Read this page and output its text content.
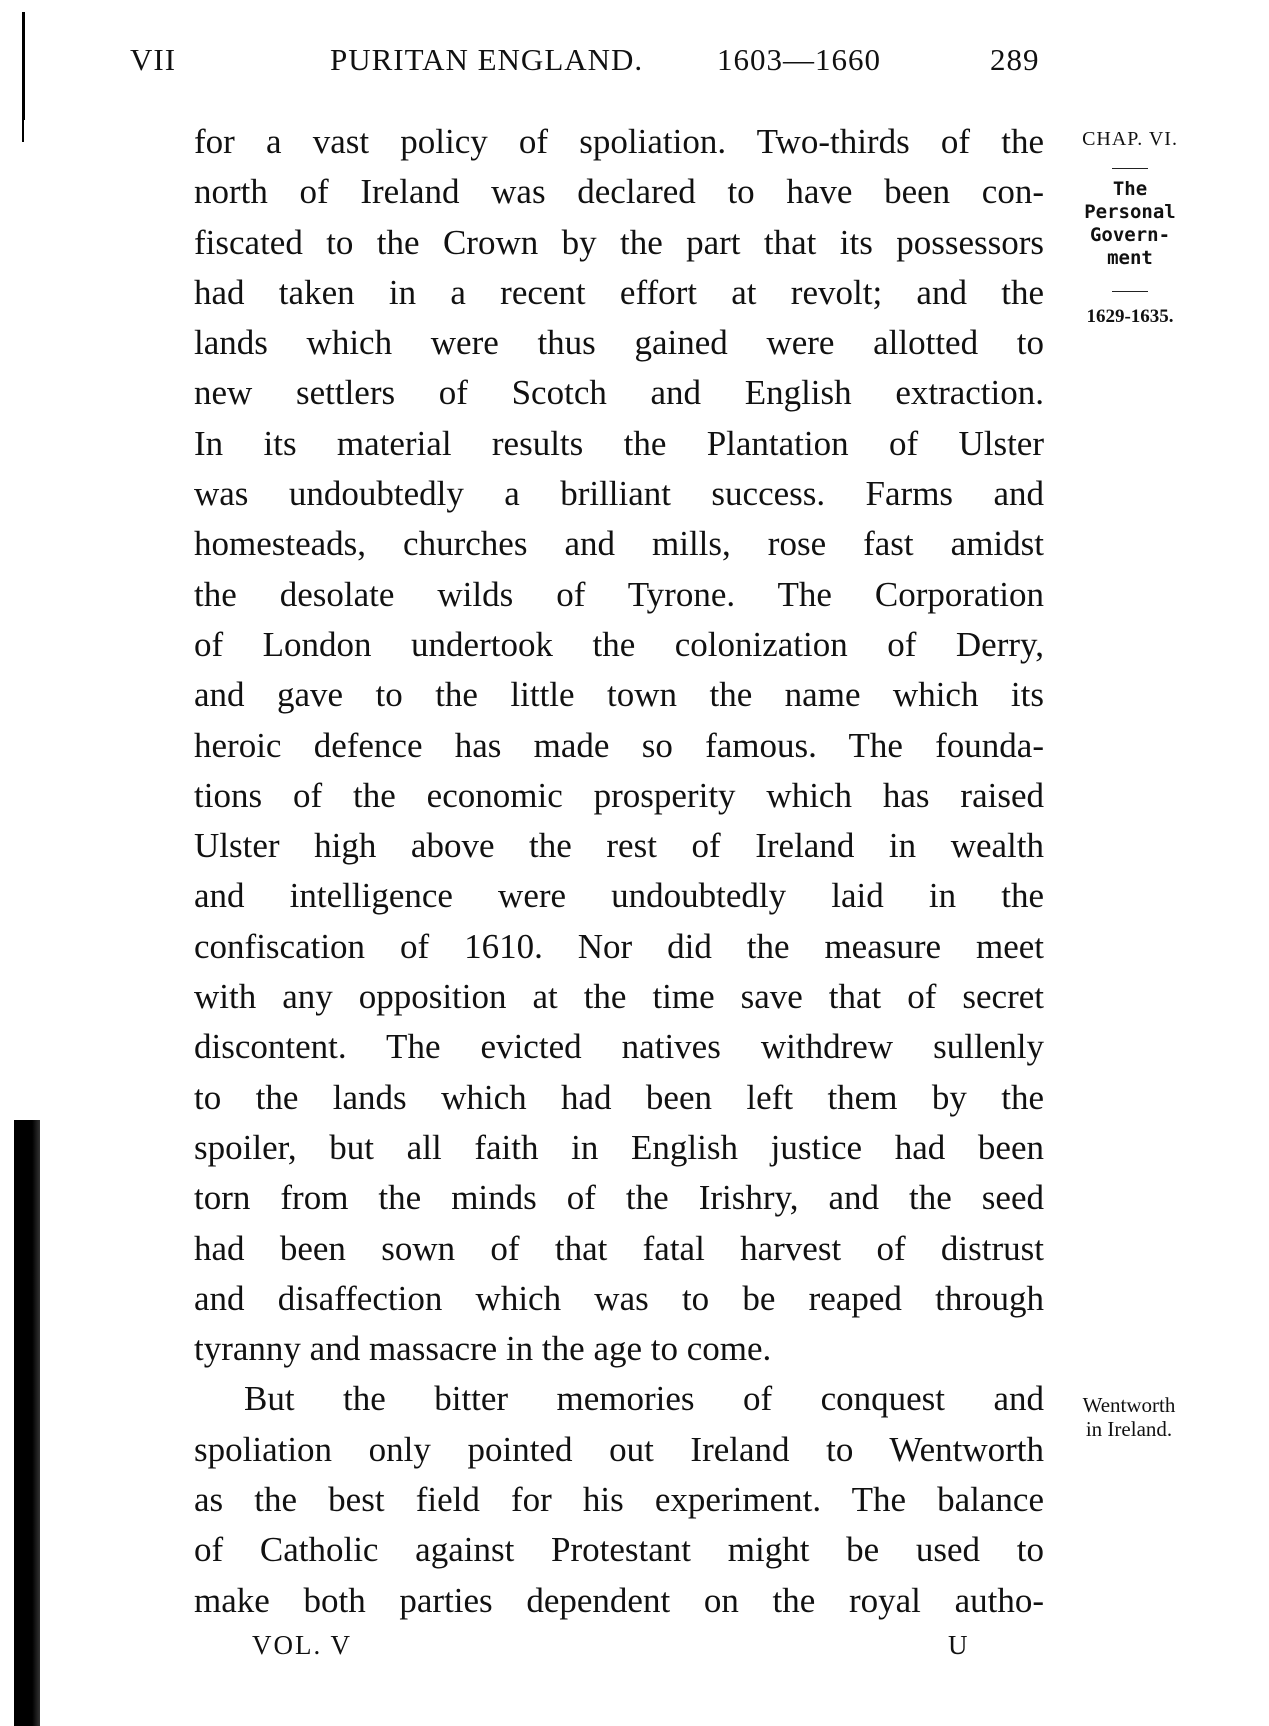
VII	PURITAN ENGLAND. 1603—1660	289
CHAP. VI.
The
Personal
Govern-
ment
1629-1635.
Wentworth
in Ireland.
for a vast policy of spoliation. Two-thirds of the
north of Ireland was declared to have been con-
fiscated to the Crown by the part that its possessors
had taken in a recent effort at revolt; and the
lands which were thus gained were allotted to
new settlers of Scotch and English extraction.
In its material results the Plantation of Ulster
was undoubtedly a brilliant success. Farms and
homesteads, churches and mills, rose fast amidst
the desolate wilds of Tyrone. The Corporation
of London undertook the colonization of Derry,
and gave to the little town the name which its
heroic defence has made so famous. The founda-
tions of the economic prosperity which has raised
Ulster high above the rest of Ireland in wealth
and intelligence were undoubtedly laid in the
confiscation of 1610. Nor did the measure meet
with any opposition at the time save that of secret
discontent. The evicted natives withdrew sullenly
to the lands which had been left them by the
spoiler, but all faith in English justice had been
torn from the minds of the Irishry, and the seed
had been sown of that fatal harvest of distrust
and disaffection which was to be reaped through
tyranny and massacre in the age to come.
But the bitter memories of conquest and
spoliation only pointed out Ireland to Wentworth
as the best field for his experiment. The balance
of Catholic against Protestant might be used to
make both parties dependent on the royal autho-
VOL. V	U
